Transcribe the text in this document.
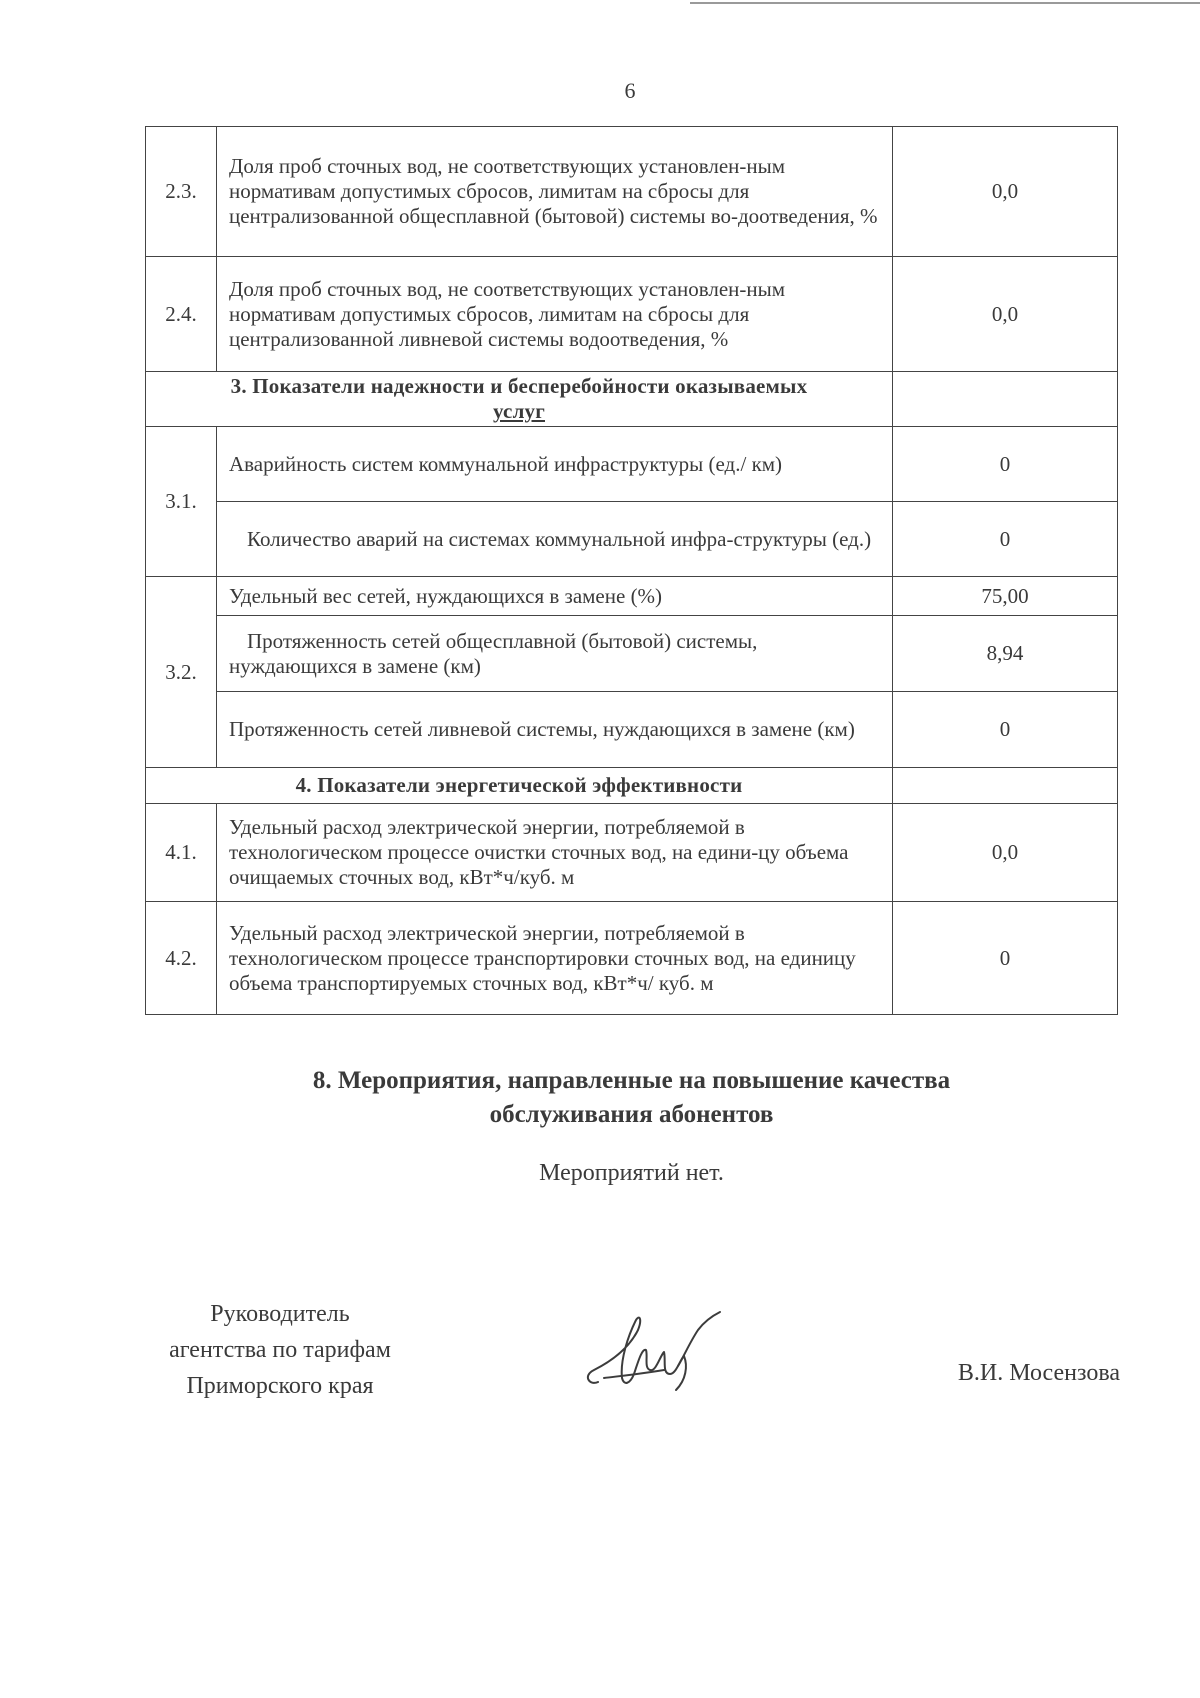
6
2.3.	Доля проб сточных вод, не соответствующих установлен-ным нормативам допустимых сбросов, лимитам на сбросы для централизованной общесплавной (бытовой) системы во-доотведения, %	0,0
2.4.	Доля проб сточных вод, не соответствующих установлен-ным нормативам допустимых сбросов, лимитам на сбросы для централизованной ливневой системы водоотведения, %	0,0
3. Показатели надежности и бесперебойности оказываемых
услуг		
3.1.	Аварийность систем коммунальной инфраструктуры (ед./ км)	0
	Количество аварий на системах коммунальной инфра-структуры (ед.)	0
3.2.	Удельный вес сетей, нуждающихся в замене (%)	75,00
	Протяженность сетей общесплавной (бытовой) системы, нуждающихся в замене (км)	8,94
	Протяженность сетей ливневой системы, нуждающихся в замене (км)	0
4. Показатели энергетической эффективности		
4.1.	Удельный расход электрической энергии, потребляемой в технологическом процессе очистки сточных вод, на едини-цу объема очищаемых сточных вод, кВт*ч/куб. м	0,0
4.2.	Удельный расход электрической энергии, потребляемой в технологическом процессе транспортировки сточных вод, на единицу объема транспортируемых сточных вод, кВт*ч/ куб. м	0
8. Мероприятия, направленные на повышение качества
обслуживания абонентов
Мероприятий нет.
Руководитель
агентства по тарифам
Приморского края	В.И. Мосензова
